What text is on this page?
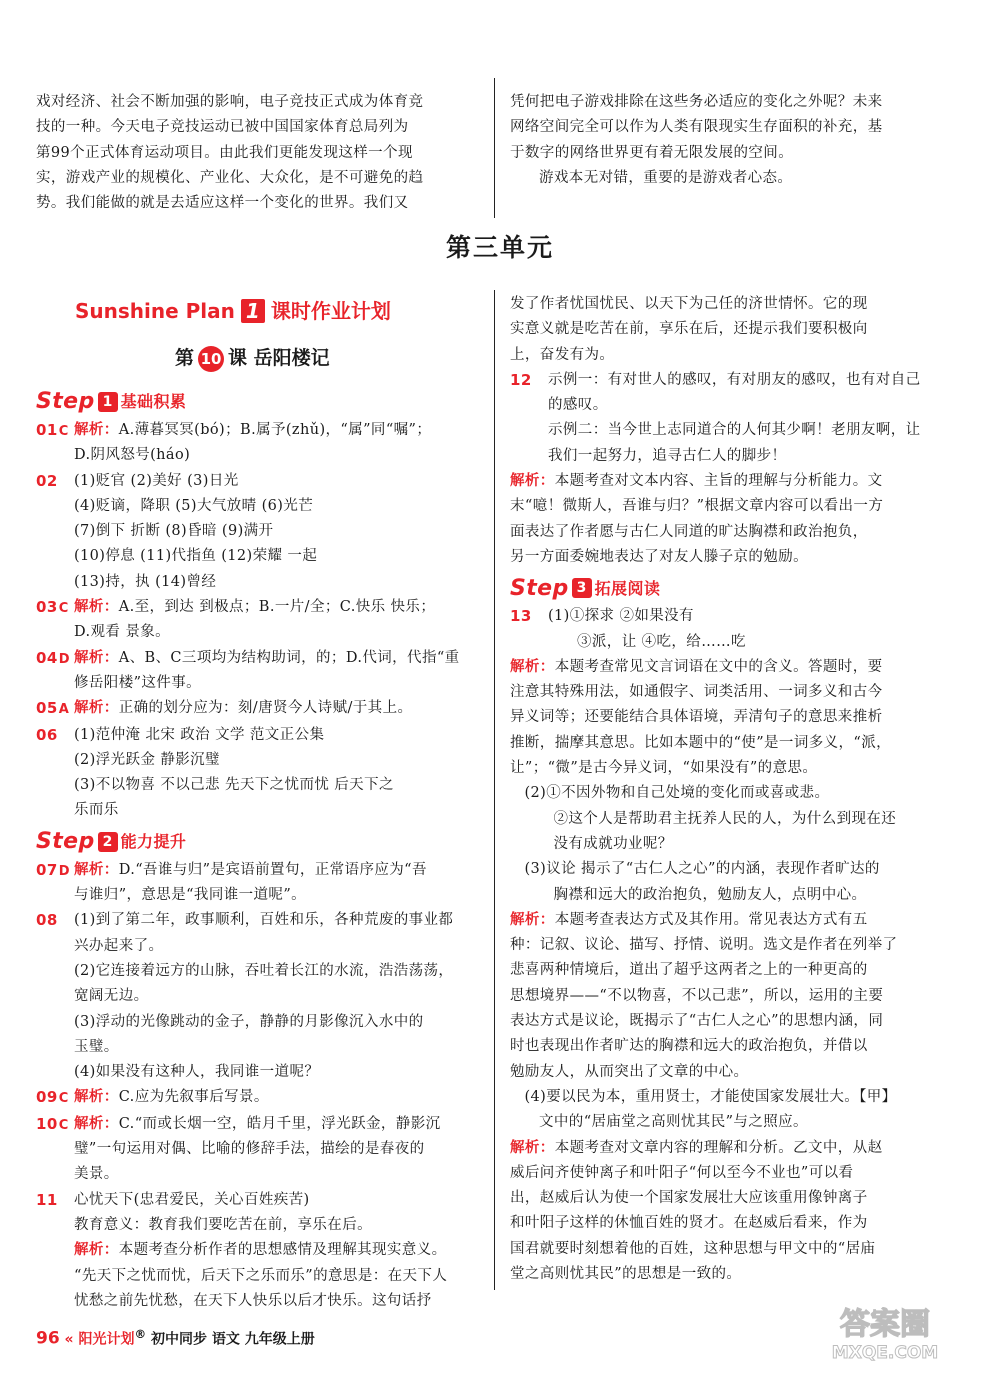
戏对经济、社会不断加强的影响，电子竞技正式成为体育竞

技的一种。今天电子竞技运动已被中国国家体育总局列为

第99个正式体育运动项目。由此我们更能发现这样一个现

实，游戏产业的规模化、产业化、大众化，是不可避免的趋

势。我们能做的就是去适应这样一个变化的世界。我们又

凭何把电子游戏排除在这些务必适应的变化之外呢？未来

网络空间完全可以作为人类有限现实生存面积的补充，基

于数字的网络世界更有着无限发展的空间。

游戏本无对错，重要的是游戏者心态。

第三单元
Sunshine Plan 1 课时作业计划
第 10 课 岳阳楼记
Step 1 基础积累
01C 解析：A.薄暮冥冥(bó)；B.属予(zhǔ)，“属”同“嘱”；

D.阴风怒号(háo)

02	(1)贬官 (2)美好 (3)日光

(4)贬谪，降职 (5)大气放晴 (6)光芒

(7)倒下 折断 (8)昏暗 (9)满开

(10)停息 (11)代指鱼 (12)荣耀 一起

(13)持，执 (14)曾经

03C 解析：A.至，到达 到极点；B.一片/全；C.快乐 快乐；

D.观看 景象。

04D 解析：A、B、C三项均为结构助词，的；D.代词，代指“重

修岳阳楼”这件事。

05A 解析：正确的划分应为：刻/唐贤今人诗赋/于其上。

06	(1)范仲淹 北宋 政治 文学 范文正公集

(2)浮光跃金 静影沉璧

(3)不以物喜 不以己悲 先天下之忧而忧 后天下之

乐而乐

Step 2 能力提升
07D 解析：D.“吾谁与归”是宾语前置句，正常语序应为“吾

与谁归”，意思是“我同谁一道呢”。

08	(1)到了第二年，政事顺利，百姓和乐，各种荒废的事业都

兴办起来了。

(2)它连接着远方的山脉，吞吐着长江的水流，浩浩荡荡，

宽阔无边。

(3)浮动的光像跳动的金子，静静的月影像沉入水中的

玉璧。

(4)如果没有这种人，我同谁一道呢？

09C 解析：C.应为先叙事后写景。

10C 解析：C.“而或长烟一空，皓月千里，浮光跃金，静影沉

璧”一句运用对偶、比喻的修辞手法，描绘的是春夜的

美景。

11	心忧天下(忠君爱民，关心百姓疾苦)

教育意义：教育我们要吃苦在前，享乐在后。

解析：本题考查分析作者的思想感情及理解其现实意义。

“先天下之忧而忧，后天下之乐而乐”的意思是：在天下人

忧愁之前先忧愁，在天下人快乐以后才快乐。这句话抒

发了作者忧国忧民、以天下为己任的济世情怀。它的现

实意义就是吃苦在前，享乐在后，还提示我们要积极向

上，奋发有为。

12	示例一：有对世人的感叹，有对朋友的感叹，也有对自己

的感叹。

示例二：当今世上志同道合的人何其少啊！老朋友啊，让

我们一起努力，追寻古仁人的脚步！

解析：本题考查对文本内容、主旨的理解与分析能力。文

末“噫！微斯人，吾谁与归？”根据文章内容可以看出一方

面表达了作者愿与古仁人同道的旷达胸襟和政治抱负，

另一方面委婉地表达了对友人滕子京的勉励。

Step 3 拓展阅读
13	(1)①探求 ②如果没有

③派，让 ④吃，给……吃

解析：本题考查常见文言词语在文中的含义。答题时，要

注意其特殊用法，如通假字、词类活用、一词多义和古今

异义词等；还要能结合具体语境，弄清句子的意思来推析

推断，揣摩其意思。比如本题中的“使”是一词多义，“派，

让”；“微”是古今异义词，“如果没有”的意思。

(2)①不因外物和自己处境的变化而或喜或悲。

②这个人是帮助君主抚养人民的人，为什么到现在还

没有成就功业呢？

(3)议论 揭示了“古仁人之心”的内涵，表现作者旷达的

胸襟和远大的政治抱负，勉励友人，点明中心。

解析：本题考查表达方式及其作用。常见表达方式有五

种：记叙、议论、描写、抒情、说明。选文是作者在列举了

悲喜两种情境后，道出了超乎这两者之上的一种更高的

思想境界——“不以物喜，不以己悲”，所以，运用的主要

表达方式是议论，既揭示了“古仁人之心”的思想内涵，同

时也表现出作者旷达的胸襟和远大的政治抱负，并借以

勉励友人，从而突出了文章的中心。

(4)要以民为本，重用贤士，才能使国家发展壮大。【甲】

文中的“居庙堂之高则忧其民”与之照应。

解析：本题考查对文章内容的理解和分析。乙文中，从赵

威后问齐使钟离子和叶阳子“何以至今不业也”可以看

出，赵威后认为使一个国家发展壮大应该重用像钟离子

和叶阳子这样的休恤百姓的贤才。在赵威后看来，作为

国君就要时刻想着他的百姓，这种思想与甲文中的“居庙

堂之高则忧其民”的思想是一致的。

96 « 阳光计划® 初中同步 语文 九年级上册	答案圈
MXQE.COM
